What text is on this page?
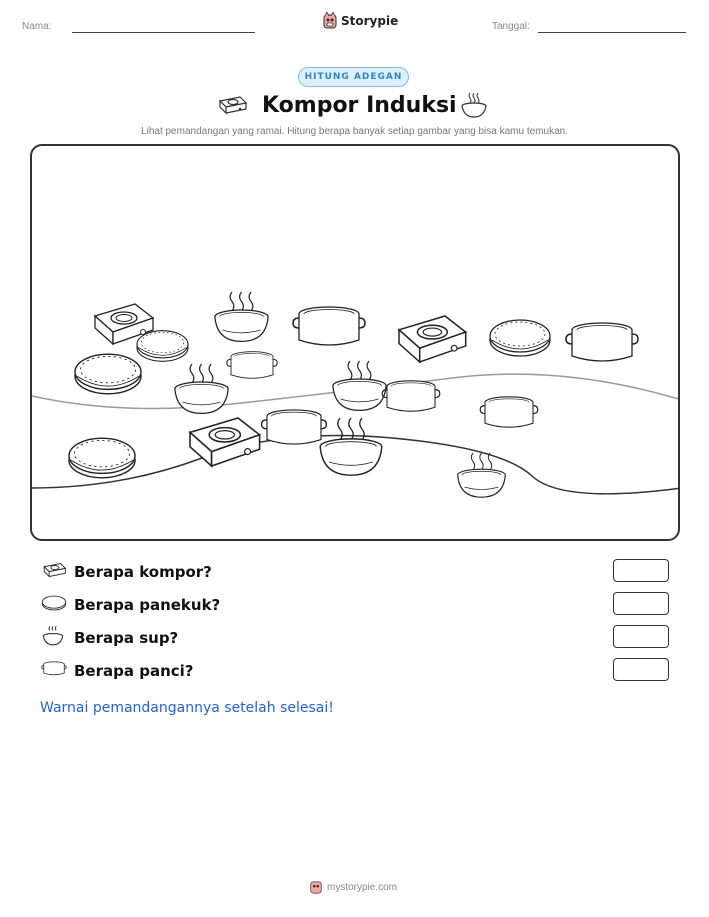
Nama:	Storypie	Tanggal:
HITUNG ADEGAN
Kompor Induksi
Lihat pemandangan yang ramai. Hitung berapa banyak setiap gambar yang bisa kamu temukan.
Berapa kompor?
Berapa panekuk?
Berapa sup?
Berapa panci?
Warnai pemandangannya setelah selesai!
mystorypie.com
